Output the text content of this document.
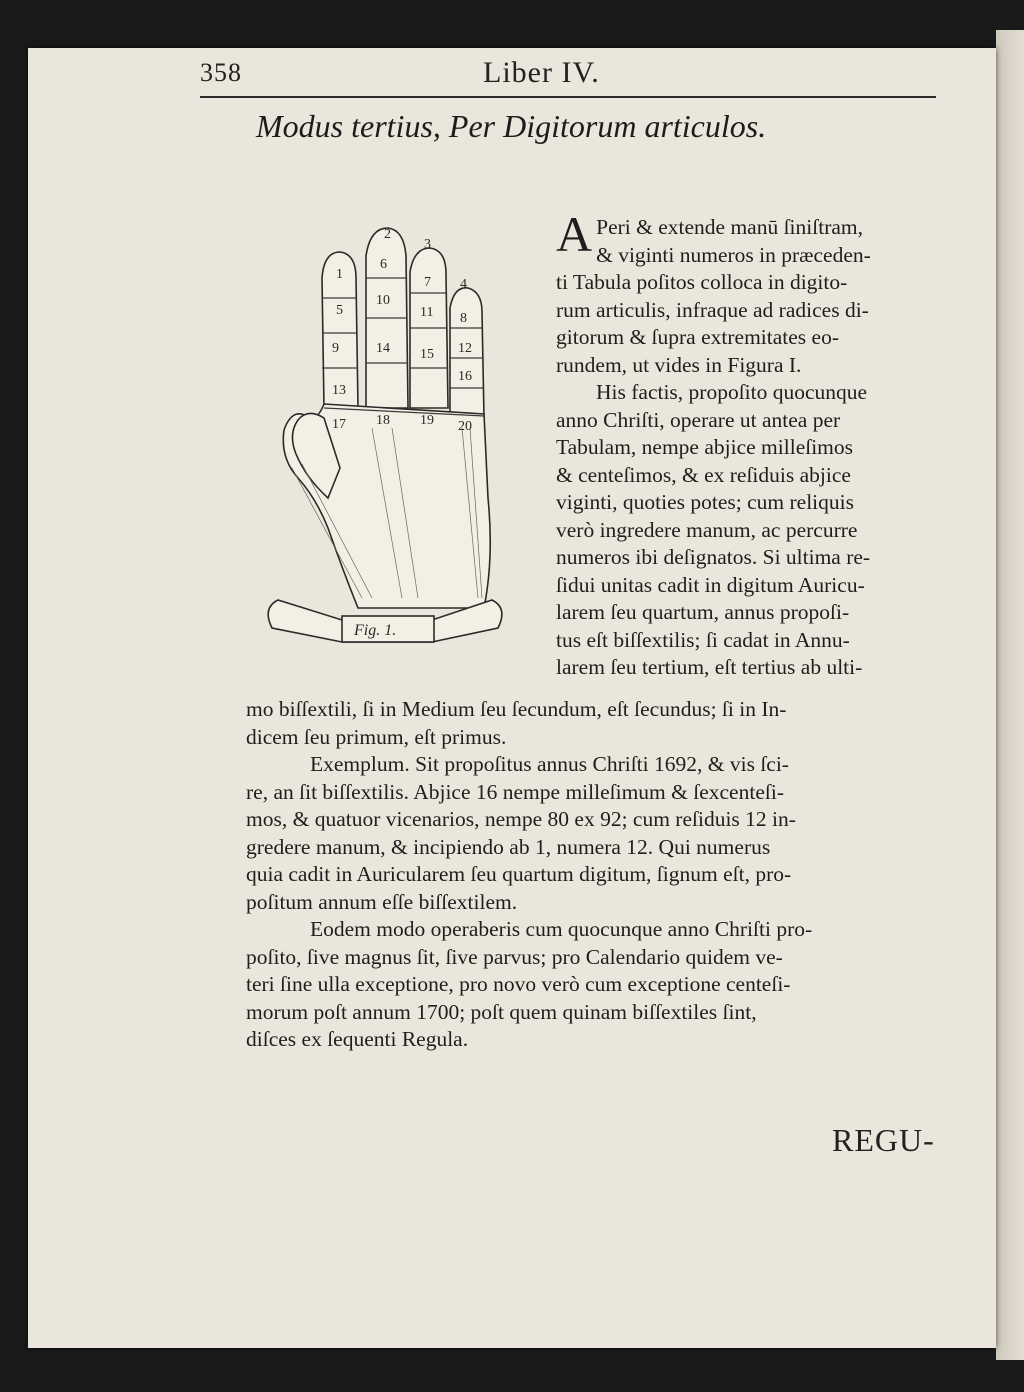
358	Liber IV.
Modus tertius, Per Digitorum articulos.
Fig. 1.
1
2
3
4
5
6
7
8
9
10
11
12
13
14 15
16
17 18 19 20
A Peri & extende manū ſiniſtram,
& viginti numeros in præceden-
ti Tabula poſitos colloca in digito-
rum articulis, infraque ad radices di-
gitorum & ſupra extremitates eo-
rundem, ut vides in Figura I.
His factis, propoſito quocunque
anno Chriſti, operare ut antea per
Tabulam, nempe abjice milleſimos
& centeſimos, & ex reſiduis abjice
viginti, quoties potes; cum reliquis
verò ingredere manum, ac percurre
numeros ibi deſignatos. Si ultima re-
ſidui unitas cadit in digitum Auricu-
larem ſeu quartum, annus propoſi-
tus eſt biſſextilis; ſi cadat in Annu-
larem ſeu tertium, eſt tertius ab ulti-
mo biſſextili, ſi in Medium ſeu ſecundum, eſt ſecundus; ſi in In-
dicem ſeu primum, eſt primus.
Exemplum. Sit propoſitus annus Chriſti 1692, & vis ſci-
re, an ſit biſſextilis. Abjice 16 nempe milleſimum & ſexcenteſi-
mos, & quatuor vicenarios, nempe 80 ex 92; cum reſiduis 12 in-
gredere manum, & incipiendo ab 1, numera 12. Qui numerus
quia cadit in Auricularem ſeu quartum digitum, ſignum eſt, pro-
poſitum annum eſſe biſſextilem.
Eodem modo operaberis cum quocunque anno Chriſti pro-
poſito, ſive magnus ſit, ſive parvus; pro Calendario quidem ve-
teri ſine ulla exceptione, pro novo verò cum exceptione centeſi-
morum poſt annum 1700; poſt quem quinam biſſextiles ſint,
diſces ex ſequenti Regula.
REGU-
